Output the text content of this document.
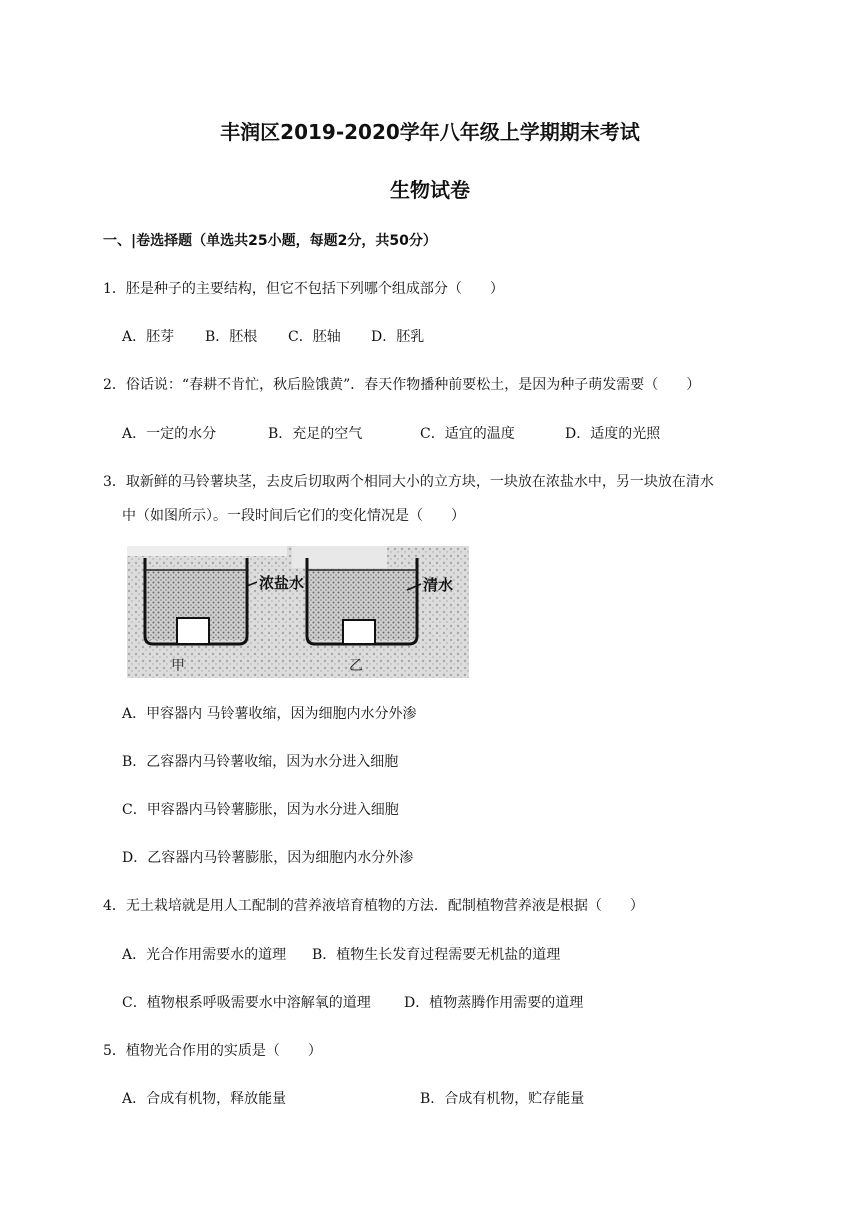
丰润区2019-2020学年八年级上学期期末考试
生物试卷
一、|卷选择题（单选共25小题，每题2分，共50分）
1．胚是种子的主要结构，但它不包括下列哪个组成部分（　　）
A．胚芽 B．胚根 C．胚轴 D．胚乳
2．俗话说：“春耕不肯忙，秋后脸饿黄”．春天作物播种前要松土，是因为种子萌发需要（　　）
A．一定的水分	B．充足的空气	C．适宜的温度	D．适度的光照
3．取新鲜的马铃薯块茎，去皮后切取两个相同大小的立方块，一块放在浓盐水中，另一块放在清水
中（如图所示）。一段时间后它们的变化情况是（　　）
浓盐水	清水
甲	乙
A．甲容器内 马铃薯收缩，因为细胞内水分外渗
B．乙容器内马铃薯收缩，因为水分进入细胞
C．甲容器内马铃薯膨胀，因为水分进入细胞
D．乙容器内马铃薯膨胀，因为细胞内水分外渗
4．无土栽培就是用人工配制的营养液培育植物的方法．配制植物营养液是根据（　　）
A．光合作用需要水的道理 B．植物生长发育过程需要无机盐的道理
C．植物根系呼吸需要水中溶解氧的道理 D．植物蒸腾作用需要的道理
5．植物光合作用的实质是（　　）
A．合成有机物，释放能量	B．合成有机物，贮存能量
